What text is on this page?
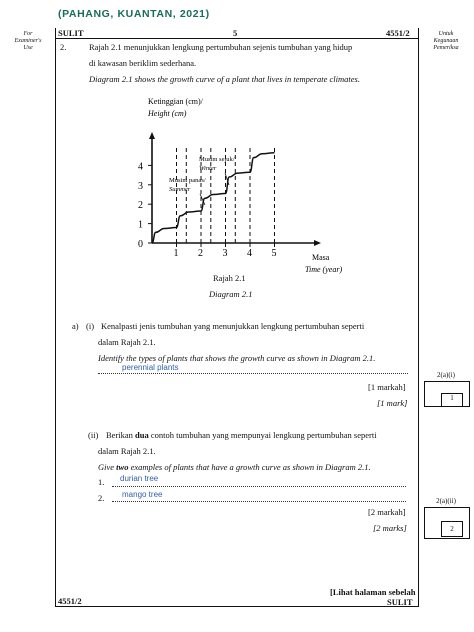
(PAHANG, KUANTAN, 2021)
For
Examiner's
Use
Untuk
Kegunaan
Pemeriksa
SULIT	5	4551/2
2.	Rajah 2.1 menunjukkan lengkung pertumbuhan sejenis tumbuhan yang hidup
di kawasan beriklim sederhana.
Diagram 2.1 shows the growth curve of a plant that lives in temperate climates.
Ketinggian (cm)/
Height (cm)
Masa
Time (year)
Musim sejuk/
Winter
Musim panas/
Summer
1 2 3 4 5
0
1
2
3
4
Rajah 2.1
Diagram 2.1
a) (i) Kenalpasti jenis tumbuhan yang menunjukkan lengkung pertumbuhan seperti
dalam Rajah 2.1.
Identify the types of plants that shows the growth curve as shown in Diagram 2.1.
perennial plants
[1 markah]
[1 mark]
2(a)(i)
1
(ii) Berikan dua contoh tumbuhan yang mempunyai lengkung pertumbuhan seperti
dalam Rajah 2.1.
Give two examples of plants that have a growth curve as shown in Diagram 2.1.
1. durian tree
2. mango tree
[2 markah]
[2 marks]
2(a)(ii)
2
4551/2
[Lihat halaman sebelah
SULIT
